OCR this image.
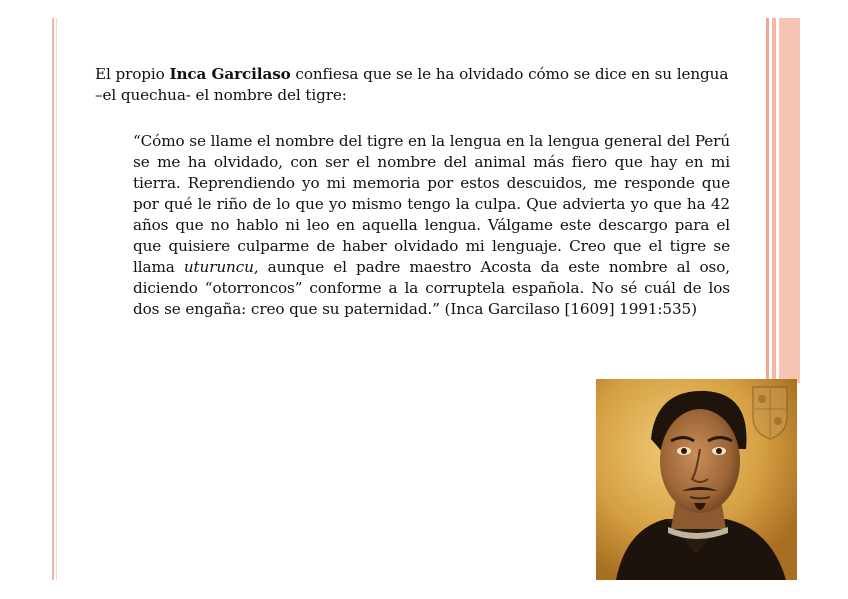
El propio Inca Garcilaso confiesa que se le ha olvidado cómo se dice en su lengua –el quechua- el nombre del tigre:

“Cómo se llame el nombre del tigre en la lengua en la lengua general del Perú se me ha olvidado, con ser el nombre del animal más fiero que hay en mi tierra. Reprendiendo yo mi memoria por estos descuidos, me responde que por qué le riño de lo que yo mismo tengo la culpa. Que advierta yo que ha 42 años que no hablo ni leo en aquella lengua. Válgame este descargo para el que quisiere culparme de haber olvidado mi lenguaje. Creo que el tigre se llama uturuncu, aunque el padre maestro Acosta da este nombre al oso, diciendo “otorroncos” conforme a la corruptela española. No sé cuál de los dos se engaña: creo que su paternidad.” (Inca Garcilaso [1609] 1991:535)
